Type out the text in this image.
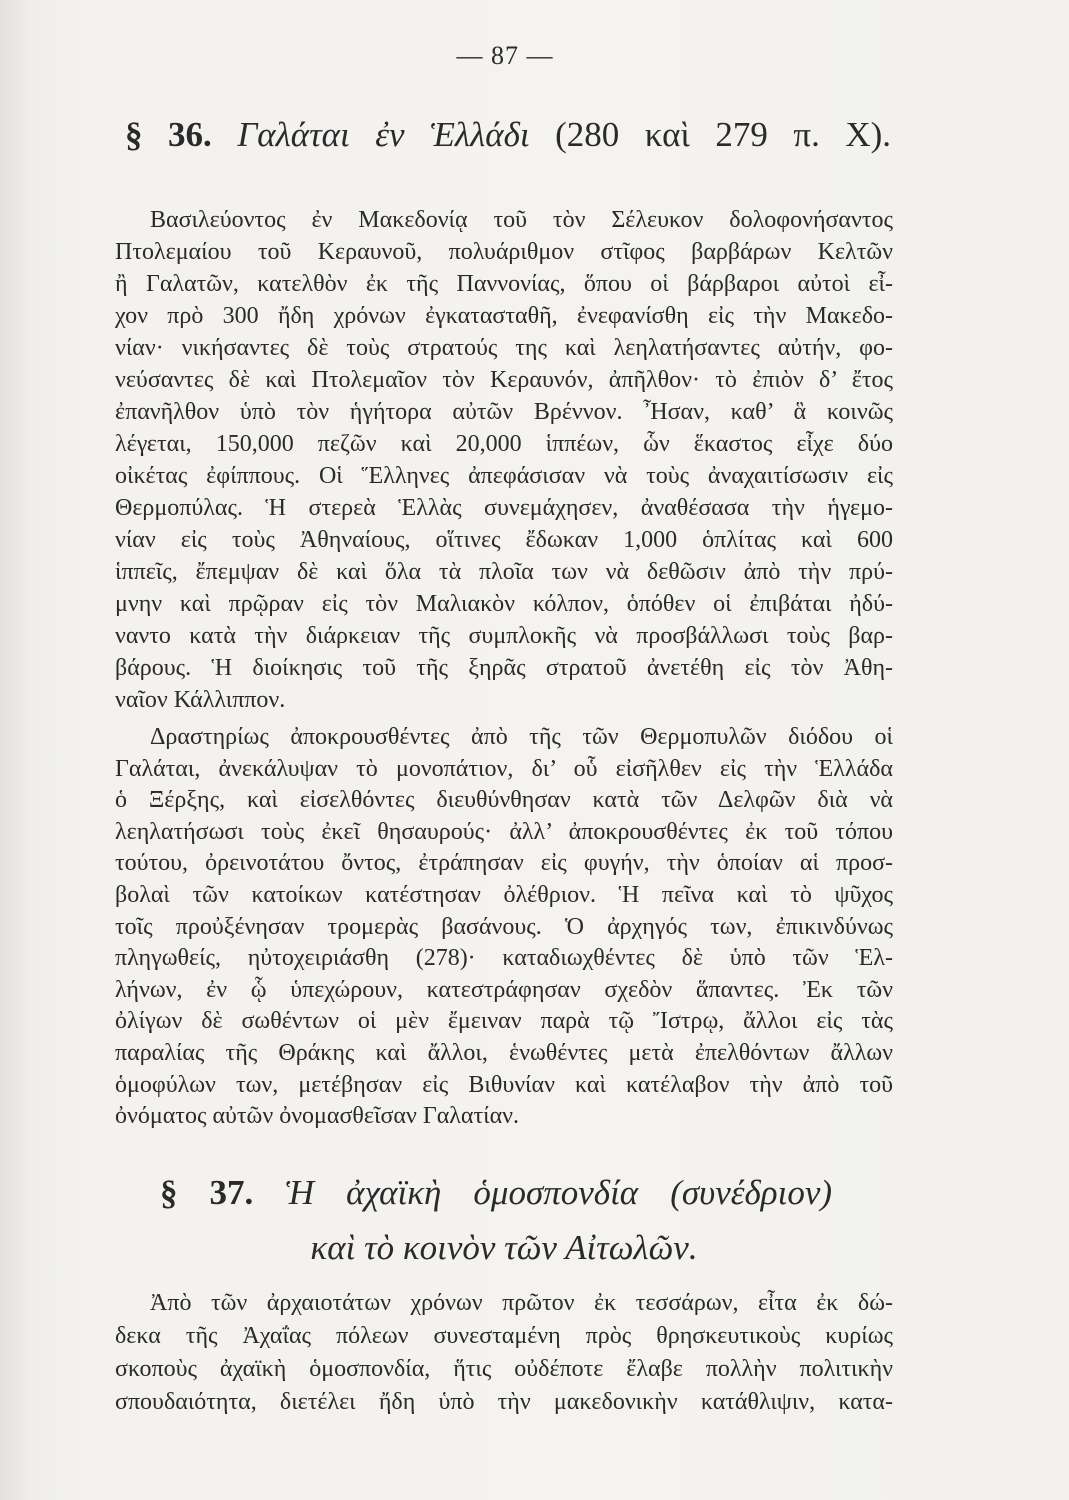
— 87 —
§ 36. Γαλάται ἐν Ἑλλάδι (280 καὶ 279 π. Χ).
Βασιλεύοντος ἐν Μακεδονίᾳ τοῦ τὸν Σέλευκον δολοφονήσαντος
Πτολεμαίου τοῦ Κεραυνοῦ, πολυάριθμον στῖφος βαρβάρων Κελτῶν
ἢ Γαλατῶν, κατελθὸν ἐκ τῆς Παννονίας, ὅπου οἱ βάρβαροι αὐτοὶ εἶ-
χον πρὸ 300 ἤδη χρόνων ἐγκατασταθῆ, ἐνεφανίσθη εἰς τὴν Μακεδο-
νίαν· νικήσαντες δὲ τοὺς στρατούς της καὶ λεηλατήσαντες αὐτήν, φο-
νεύσαντες δὲ καὶ Πτολεμαῖον τὸν Κεραυνόν, ἀπῆλθον· τὸ ἐπιὸν δ’ ἔτος
ἐπανῆλθον ὑπὸ τὸν ἡγήτορα αὐτῶν Βρέννον. Ἦσαν, καθ’ ἃ κοινῶς
λέγεται, 150,000 πεζῶν καὶ 20,000 ἱππέων, ὧν ἕκαστος εἶχε δύο
οἰκέτας ἐφίππους. Οἱ Ἕλληνες ἀπεφάσισαν νὰ τοὺς ἀναχαιτίσωσιν εἰς
Θερμοπύλας. Ἡ στερεὰ Ἑλλὰς συνεμάχησεν, ἀναθέσασα τὴν ἡγεμο-
νίαν εἰς τοὺς Ἀθηναίους, οἵτινες ἔδωκαν 1,000 ὁπλίτας καὶ 600
ἱππεῖς, ἔπεμψαν δὲ καὶ ὅλα τὰ πλοῖα των νὰ δεθῶσιν ἀπὸ τὴν πρύ-
μνην καὶ πρῷραν εἰς τὸν Μαλιακὸν κόλπον, ὁπόθεν οἱ ἐπιβάται ἠδύ-
ναντο κατὰ τὴν διάρκειαν τῆς συμπλοκῆς νὰ προσβάλλωσι τοὺς βαρ-
βάρους. Ἡ διοίκησις τοῦ τῆς ξηρᾶς στρατοῦ ἀνετέθη εἰς τὸν Ἀθη-
ναῖον Κάλλιππον.
Δραστηρίως ἀποκρουσθέντες ἀπὸ τῆς τῶν Θερμοπυλῶν διόδου οἱ
Γαλάται, ἀνεκάλυψαν τὸ μονοπάτιον, δι’ οὗ εἰσῆλθεν εἰς τὴν Ἑλλάδα
ὁ Ξέρξης, καὶ εἰσελθόντες διευθύνθησαν κατὰ τῶν Δελφῶν διὰ νὰ
λεηλατήσωσι τοὺς ἐκεῖ θησαυρούς· ἀλλ’ ἀποκρουσθέντες ἐκ τοῦ τόπου
τούτου, ὀρεινοτάτου ὄντος, ἐτράπησαν εἰς φυγήν, τὴν ὁποίαν αἱ προσ-
βολαὶ τῶν κατοίκων κατέστησαν ὀλέθριον. Ἡ πεῖνα καὶ τὸ ψῦχος
τοῖς προὐξένησαν τρομερὰς βασάνους. Ὁ ἀρχηγός των, ἐπικινδύνως
πληγωθείς, ηὐτοχειριάσθη (278)· καταδιωχθέντες δὲ ὑπὸ τῶν Ἑλ-
λήνων, ἐν ᾧ ὑπεχώρουν, κατεστράφησαν σχεδὸν ἅπαντες. Ἐκ τῶν
ὀλίγων δὲ σωθέντων οἱ μὲν ἔμειναν παρὰ τῷ Ἴστρῳ, ἄλλοι εἰς τὰς
παραλίας τῆς Θράκης καὶ ἄλλοι, ἑνωθέντες μετὰ ἐπελθόντων ἄλλων
ὁμοφύλων των, μετέβησαν εἰς Βιθυνίαν καὶ κατέλαβον τὴν ἀπὸ τοῦ
ὀνόματος αὐτῶν ὀνομασθεῖσαν Γαλατίαν.
§ 37. Ἡ ἀχαϊκὴ ὁμοσπονδία (συνέδριον)
καὶ τὸ κοινὸν τῶν Αἰτωλῶν.
Ἀπὸ τῶν ἀρχαιοτάτων χρόνων πρῶτον ἐκ τεσσάρων, εἶτα ἐκ δώ-
δεκα τῆς Ἀχαΐας πόλεων συνεσταμένη πρὸς θρησκευτικοὺς κυρίως
σκοποὺς ἀχαϊκὴ ὁμοσπονδία, ἥτις οὐδέποτε ἔλαβε πολλὴν πολιτικὴν
σπουδαιότητα, διετέλει ἤδη ὑπὸ τὴν μακεδονικὴν κατάθλιψιν, κατα-
